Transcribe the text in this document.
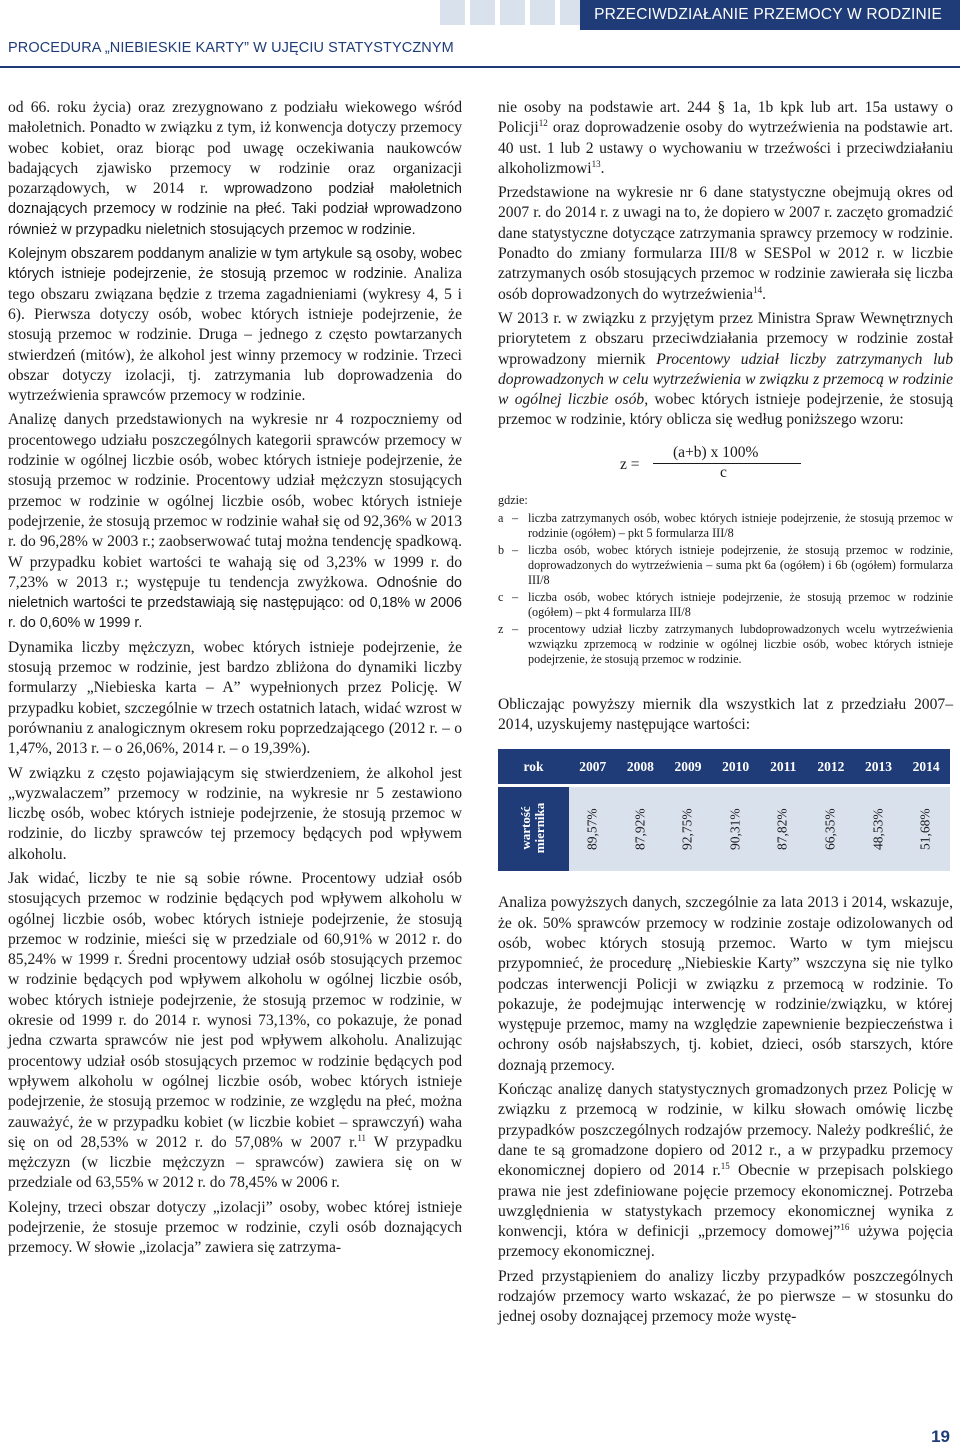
PRZECIWDZIAŁANIE PRZEMOCY W RODZINIE
PROCEDURA „NIEBIESKIE KARTY” W UJĘCIU STATYSTYCZNYM

od 66. roku życia) oraz zrezygnowano z podziału wiekowego wśród małoletnich. Ponadto w związku z tym, iż konwencja dotyczy przemocy wobec kobiet, oraz biorąc pod uwagę oczekiwania naukowców badających zjawisko przemocy w rodzinie oraz organizacji pozarządowych, w 2014 r. wprowadzono podział małoletnich doznających przemocy w rodzinie na płeć. Taki podział wprowadzono również w przypadku nieletnich stosujących przemoc w rodzinie.

Kolejnym obszarem poddanym analizie w tym artykule są osoby, wobec których istnieje podejrzenie, że stosują przemoc w rodzinie. Analiza tego obszaru związana będzie z trzema zagadnieniami (wykresy 4, 5 i 6). Pierwsza dotyczy osób, wobec których istnieje podejrzenie, że stosują przemoc w rodzinie. Druga – jednego z często powtarzanych stwierdzeń (mitów), że alkohol jest winny przemocy w rodzinie. Trzeci obszar dotyczy izolacji, tj. zatrzymania lub doprowadzenia do wytrzeźwienia sprawców przemocy w rodzinie.

Analizę danych przedstawionych na wykresie nr 4 rozpoczniemy od procentowego udziału poszczególnych kategorii sprawców przemocy w rodzinie w ogólnej liczbie osób, wobec których istnieje podejrzenie, że stosują przemoc w rodzinie. Procentowy udział mężczyzn stosujących przemoc w rodzinie w ogólnej liczbie osób, wobec których istnieje podejrzenie, że stosują przemoc w rodzinie wahał się od 92,36% w 2013 r. do 96,28% w 2003 r.; zaobserwować tutaj można tendencję spadkową. W przypadku kobiet wartości te wahają się od 3,23% w 1999 r. do 7,23% w 2013 r.; występuje tu tendencja zwyżkowa. Odnośnie do nieletnich wartości te przedstawiają się następująco: od 0,18% w 2006 r. do 0,60% w 1999 r.

Dynamika liczby mężczyzn, wobec których istnieje podejrzenie, że stosują przemoc w rodzinie, jest bardzo zbliżona do dynamiki liczby formularzy „Niebieska karta – A” wypełnionych przez Policję. W przypadku kobiet, szczególnie w trzech ostatnich latach, widać wzrost w porównaniu z analogicznym okresem roku poprzedzającego (2012 r. – o 1,47%, 2013 r. – o 26,06%, 2014 r. – o 19,39%).

W związku z często pojawiającym się stwierdzeniem, że alkohol jest „wyzwalaczem” przemocy w rodzinie, na wykresie nr 5 zestawiono liczbę osób, wobec których istnieje podejrzenie, że stosują przemoc w rodzinie, do liczby sprawców tej przemocy będących pod wpływem alkoholu.

Jak widać, liczby te nie są sobie równe. Procentowy udział osób stosujących przemoc w rodzinie będących pod wpływem alkoholu w ogólnej liczbie osób, wobec których istnieje podejrzenie, że stosują przemoc w rodzinie, mieści się w przedziale od 60,91% w 2012 r. do 85,24% w 1999 r. Średni procentowy udział osób stosujących przemoc w rodzinie będących pod wpływem alkoholu w ogólnej liczbie osób, wobec których istnieje podejrzenie, że stosują przemoc w rodzinie, w okresie od 1999 r. do 2014 r. wynosi 73,13%, co pokazuje, że ponad jedna czwarta sprawców nie jest pod wpływem alkoholu. Analizując procentowy udział osób stosujących przemoc w rodzinie będących pod wpływem alkoholu w ogólnej liczbie osób, wobec których istnieje podejrzenie, że stosują przemoc w rodzinie, ze względu na płeć, można zauważyć, że w przypadku kobiet (w liczbie kobiet – sprawczyń) waha się on od 28,53% w 2012 r. do 57,08% w 2007 r.$^{11}$ W przypadku mężczyzn (w liczbie mężczyzn – sprawców) zawiera się on w przedziale od 63,55% w 2012 r. do 78,45% w 2006 r.

Kolejny, trzeci obszar dotyczy „izolacji” osoby, wobec której istnieje podejrzenie, że stosuje przemoc w rodzinie, czyli osób doznających przemocy. W słowie „izolacja” zawiera się zatrzyma-

nie osoby na podstawie art. 244 § 1a, 1b kpk lub art. 15a ustawy o Policji$^{12}$ oraz doprowadzenie osoby do wytrzeźwienia na podstawie art. 40 ust. 1 lub 2 ustawy o wychowaniu w trzeźwości i przeciwdziałaniu alkoholizmowi$^{13}$.

Przedstawione na wykresie nr 6 dane statystyczne obejmują okres od 2007 r. do 2014 r. z uwagi na to, że dopiero w 2007 r. zaczęto gromadzić dane statystyczne dotyczące zatrzymania sprawcy przemocy w rodzinie. Ponadto do zmiany formularza III/8 w SESPol w 2012 r. w liczbie zatrzymanych osób stosujących przemoc w rodzinie zawierała się liczba osób doprowadzonych do wytrzeźwienia$^{14}$.

W 2013 r. w związku z przyjętym przez Ministra Spraw Wewnętrznych priorytetem z obszaru przeciwdziałania przemocy w rodzinie został wprowadzony miernik Procentowy udział liczby zatrzymanych lub doprowadzonych w celu wytrzeźwienia w związku z przemocą w rodzinie w ogólnej liczbie osób, wobec których istnieje podejrzenie, że stosują przemoc w rodzinie, który oblicza się według poniższego wzoru:

z =
(a+b) x 100%
c
gdzie:
a – liczba zatrzymanych osób, wobec których istnieje podejrzenie, że stosują przemoc w rodzinie (ogółem) – pkt 5 formularza III/8
b – liczba osób, wobec których istnieje podejrzenie, że stosują przemoc w rodzinie, doprowadzonych do wytrzeźwienia – suma pkt 6a (ogółem) i 6b (ogółem) formularza III/8
c – liczba osób, wobec których istnieje podejrzenie, że stosują przemoc w rodzinie (ogółem) – pkt 4 formularza III/8
z – procentowy udział liczby zatrzymanych lubdoprowadzonych wcelu wytrzeźwienia wzwiązku zprzemocą w rodzinie w ogólnej liczbie osób, wobec których istnieje podejrzenie, że stosują przemoc w rodzinie.

Obliczając powyższy miernik dla wszystkich lat z przedziału 2007–2014, uzyskujemy następujące wartości:

rok	2007	2008	2009	2010	2011	2012	2013	2014

wartość miernika	89,57%	87,92%	92,75%	90,31%	87,82%	66,35%	48,53%	51,68%

Analiza powyższych danych, szczególnie za lata 2013 i 2014, wskazuje, że ok. 50% sprawców przemocy w rodzinie zostaje odizolowanych od osób, wobec których stosują przemoc. Warto w tym miejscu przypomnieć, że procedurę „Niebieskie Karty” wszczyna się nie tylko podczas interwencji Policji w związku z przemocą w rodzinie. To pokazuje, że podejmując interwencję w rodzinie/związku, w której występuje przemoc, mamy na względzie zapewnienie bezpieczeństwa i ochrony osób najsłabszych, tj. kobiet, dzieci, osób starszych, które doznają przemocy.

Kończąc analizę danych statystycznych gromadzonych przez Policję w związku z przemocą w rodzinie, w kilku słowach omówię liczbę przypadków poszczególnych rodzajów przemocy. Należy podkreślić, że dane te są gromadzone dopiero od 2012 r., a w przypadku przemocy ekonomicznej dopiero od 2014 r.$^{15}$ Obecnie w przepisach polskiego prawa nie jest zdefiniowane pojęcie przemocy ekonomicznej. Potrzeba uwzględnienia w statystykach przemocy ekonomicznej wynika z konwencji, która w definicji „przemocy domowej”$^{16}$ używa pojęcia przemocy ekonomicznej.

Przed przystąpieniem do analizy liczby przypadków poszczególnych rodzajów przemocy warto wskazać, że po pierwsze – w stosunku do jednej osoby doznającej przemocy może wystę-

19
